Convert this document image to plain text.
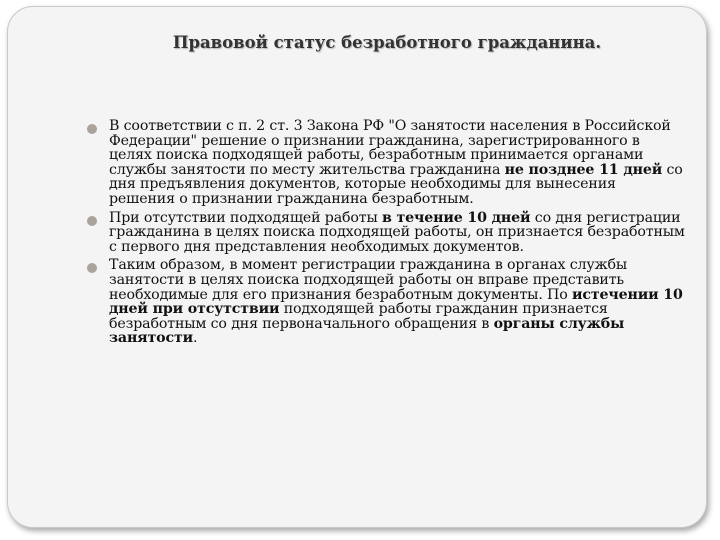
Правовой статус безработного гражданина.
В соответствии с п. 2 ст. 3 Закона РФ "О занятости населения в Российской Федерации" решение о признании гражданина, зарегистрированного в целях поиска подходящей работы, безработным принимается органами службы занятости по месту жительства гражданина не позднее 11 дней со дня предъявления документов, которые необходимы для вынесения решения о признании гражданина безработным.
При отсутствии подходящей работы в течение 10 дней со дня регистрации гражданина в целях поиска подходящей работы, он признается безработным с первого дня представления необходимых документов.
Таким образом, в момент регистрации гражданина в органах службы занятости в целях поиска подходящей работы он вправе представить необходимые для его признания безработным документы. По истечении 10 дней при отсутствии подходящей работы гражданин признается безработным со дня первоначального обращения в органы службы занятости.
